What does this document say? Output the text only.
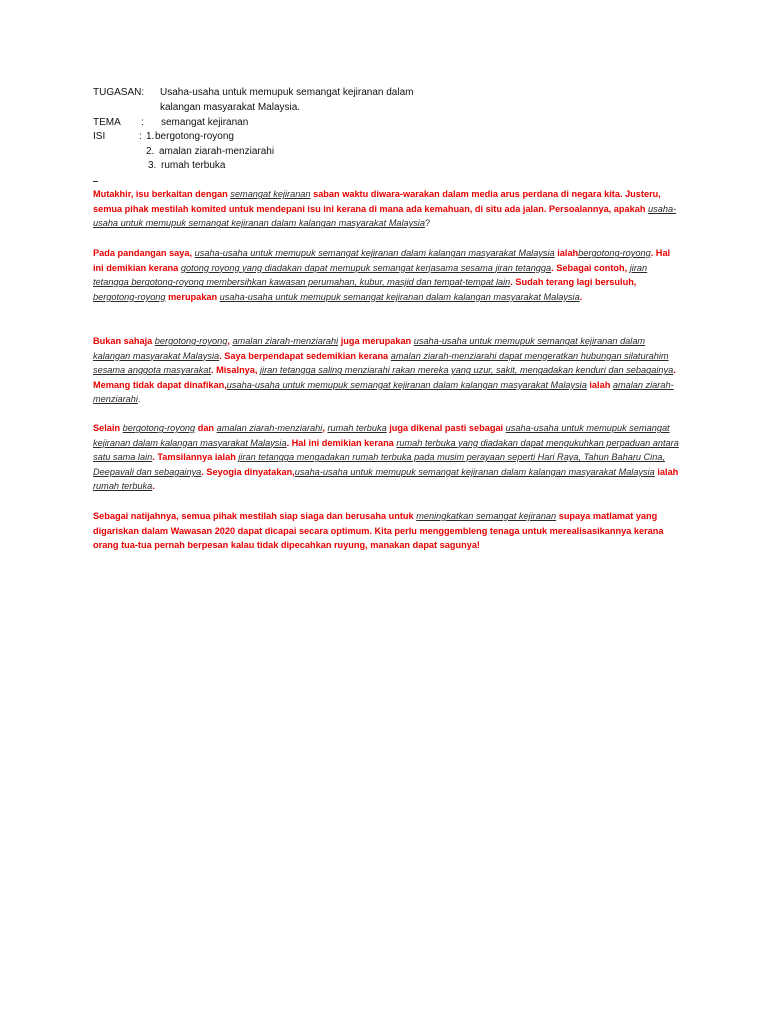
TUGASAN: Usaha-usaha untuk memupuk semangat kejiranan dalam
kalangan masyarakat Malaysia.
TEMA : semangat kejiranan
ISI	: 1. bergotong-royong
2. amalan ziarah-menziarahi
3. rumah terbuka
Mutakhir, isu berkaitan dengan semangat kejiranan saban waktu diwara-warakan dalam media arus perdana di negara kita. Justeru, semua pihak mestilah komited untuk mendepani isu ini kerana di mana ada kemahuan, di situ ada jalan. Persoalannya, apakah usaha-usaha untuk memupuk semangat kejiranan dalam kalangan masyarakat Malaysia?
Pada pandangan saya, usaha-usaha untuk memupuk semangat kejiranan dalam kalangan masyarakat Malaysia ialahbergotong-royong. Hal ini demikian kerana gotong royong yang diadakan dapat memupuk semangat kerjasama sesama jiran tetangga. Sebagai contoh, jiran tetangga bergotong-royong membersihkan kawasan perumahan, kubur, masjid dan tempat-tempat lain. Sudah terang lagi bersuluh, bergotong-royong merupakan usaha-usaha untuk memupuk semangat kejiranan dalam kalangan masyarakat Malaysia.
Bukan sahaja bergotong-royong, amalan ziarah-menziarahi juga merupakan usaha-usaha untuk memupuk semangat kejiranan dalam kalangan masyarakat Malaysia. Saya berpendapat sedemikian kerana amalan ziarah-menziarahi dapat mengeratkan hubungan silaturahim sesama anggota masyarakat. Misalnya, jiran tetangga saling menziarahi rakan mereka yang uzur, sakit, mengadakan kenduri dan sebagainya. Memang tidak dapat dinafikan,usaha-usaha untuk memupuk semangat kejiranan dalam kalangan masyarakat Malaysia ialah amalan ziarah-menziarahi.
Selain bergotong-royong dan amalan ziarah-menziarahi, rumah terbuka juga dikenal pasti sebagai usaha-usaha untuk memupuk semangat kejiranan dalam kalangan masyarakat Malaysia. Hal ini demikian kerana rumah terbuka yang diadakan dapat mengukuhkan perpaduan antara satu sama lain. Tamsilannya ialah jiran tetangga mengadakan rumah terbuka pada musim perayaan seperti Hari Raya, Tahun Baharu Cina, Deepavali dan sebagainya. Seyogia dinyatakan,usaha-usaha untuk memupuk semangat kejiranan dalam kalangan masyarakat Malaysia ialah rumah terbuka.
Sebagai natijahnya, semua pihak mestilah siap siaga dan berusaha untuk meningkatkan semangat kejiranan supaya matlamat yang digariskan dalam Wawasan 2020 dapat dicapai secara optimum. Kita perlu menggembleng tenaga untuk merealisasikannya kerana orang tua-tua pernah berpesan kalau tidak dipecahkan ruyung, manakan dapat sagunya!
